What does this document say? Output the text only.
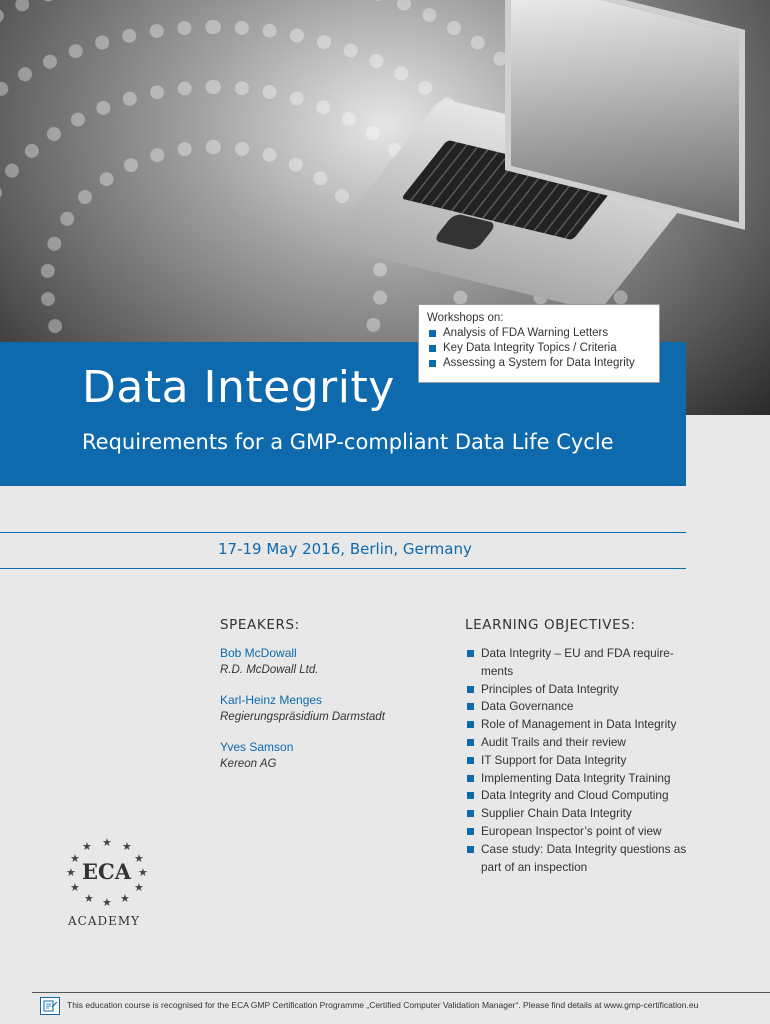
Data Integrity
Requirements for a GMP-compliant Data Life Cycle
Workshops on:
Analysis of FDA Warning Letters
Key Data Integrity Topics / Criteria
Assessing a System for Data Integrity
17-19 May 2016, Berlin, Germany
SPEAKERS:
Bob McDowall
R.D. McDowall Ltd.
Karl-Heinz Menges
Regierungspräsidium Darmstadt
Yves Samson
Kereon AG
LEARNING OBJECTIVES:
Data Integrity – EU and FDA require-ments
Principles of Data Integrity
Data Governance
Role of Management in Data Integrity
Audit Trails and their review
IT Support for Data Integrity
Implementing Data Integrity Training
Data Integrity and Cloud Computing
Supplier Chain Data Integrity
European Inspector’s point of view
Case study: Data Integrity questions as part of an inspection
★ ★ ★
★	★
★	★
★	★
★ ★ ★
ECA
ACADEMY
This education course is recognised for the ECA GMP Certification Programme „Certified Computer Validation Manager“. Please find details at www.gmp-certification.eu
